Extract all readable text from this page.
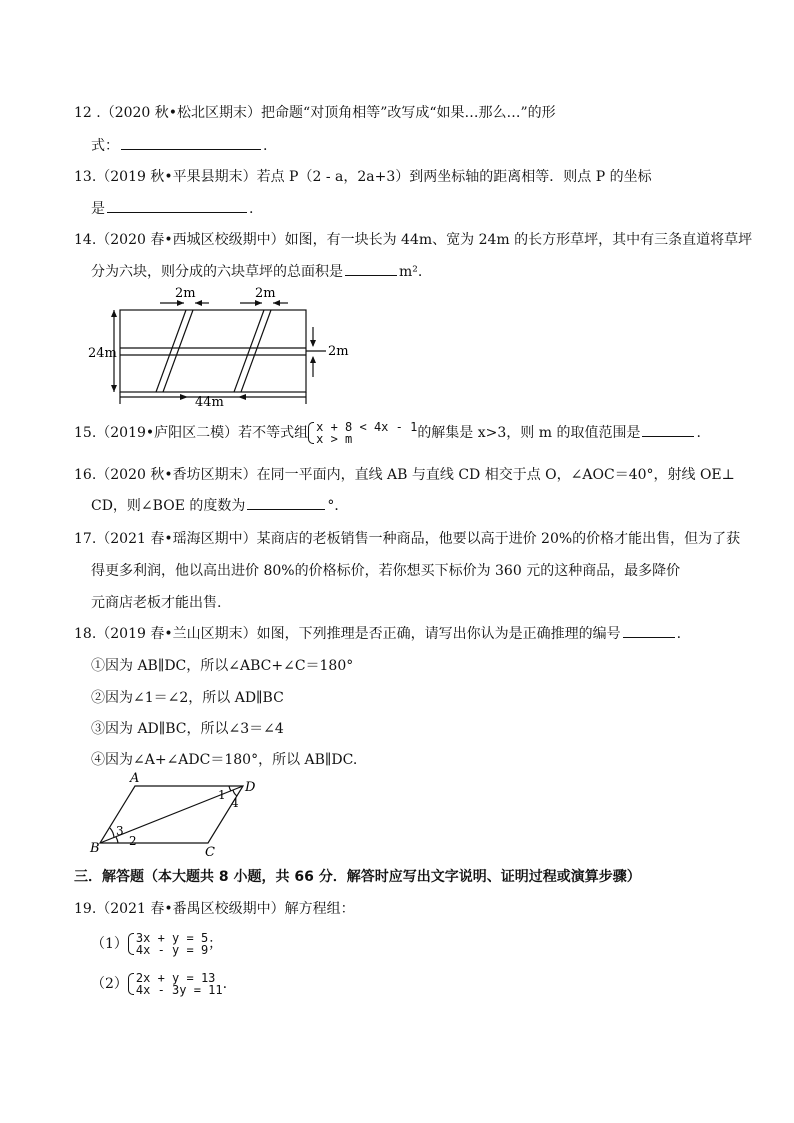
12 .（2020 秋•松北区期末）把命题“对顶角相等”改写成“如果…那么…”的形
式：	.
13.（2019 秋•平果县期末）若点 P（2 - a，2a+3）到两坐标轴的距离相等．则点 P 的坐标
是	.
14.（2020 春•西城区校级期中）如图，有一块长为 44m、宽为 24m 的长方形草坪，其中有三条直道将草坪
分为六块，则分成的六块草坪的总面积是	m².
2m	2m
24m	2m
44m
15.（2019•庐阳区二模）若不等式组 x + 8 < 4x - 1
x > m	的解集是 x>3，则 m 的取值范围是	.
16.（2020 秋•香坊区期末）在同一平面内，直线 AB 与直线 CD 相交于点 O，∠AOC＝40°，射线 OE⊥
CD，则∠BOE 的度数为	°．
17.（2021 春•瑶海区期中）某商店的老板销售一种商品，他要以高于进价 20%的价格才能出售，但为了获
得更多利润，他以高出进价 80%的价格标价，若你想买下标价为 360 元的这种商品，最多降价
元商店老板才能出售.
18.（2019 春•兰山区期末）如图，下列推理是否正确，请写出你认为是正确推理的编号	.
①因为 AB∥DC，所以∠ABC+∠C＝180°
②因为∠1＝∠2，所以 AD∥BC
③因为 AD∥BC，所以∠3＝∠4
④因为∠A+∠ADC＝180°，所以 AB∥DC.
A
D
B	C
1
4
3
2
三．解答题（本大题共 8 小题，共 66 分．解答时应写出文字说明、证明过程或演算步骤）
19.（2021 春•番禺区校级期中）解方程组：
（1） 3x + y = 5
4x - y = 9 ；
（2） 2x + y = 13
4x - 3y = 11 .
